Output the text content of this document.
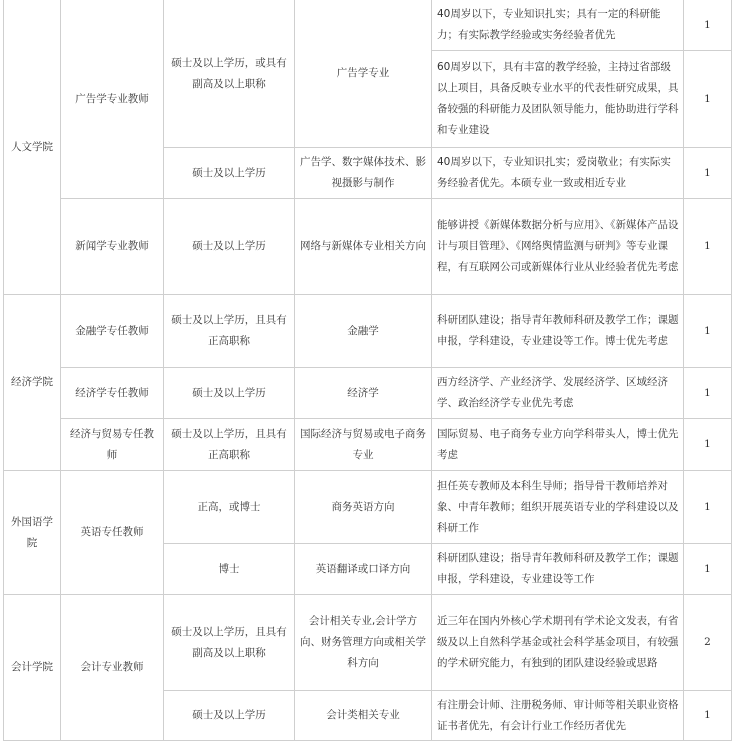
人文学院	广告学专业教师	硕士及以上学历，或具有副高及以上职称	广告学专业	40周岁以下，专业知识扎实；具有一定的科研能力；有实际教学经验或实务经验者优先	1
				60周岁以下，具有丰富的教学经验，主持过省部级以上项目，具备反映专业水平的代表性研究成果，具备较强的科研能力及团队领导能力，能协助进行学科和专业建设	1
		硕士及以上学历	广告学、数字媒体技术、影视摄影与制作	40周岁以下，专业知识扎实；爱岗敬业；有实际实务经验者优先。本硕专业一致或相近专业	1
	新闻学专业教师	硕士及以上学历	网络与新媒体专业相关方向	能够讲授《新媒体数据分析与应用》、《新媒体产品设计与项目管理》、《网络舆情监测与研判》等专业课程，有互联网公司或新媒体行业从业经验者优先考虑	1
经济学院	金融学专任教师	硕士及以上学历，且具有正高职称	金融学	科研团队建设；指导青年教师科研及教学工作；课题申报，学科建设，专业建设等工作。博士优先考虑	1
	经济学专任教师	硕士及以上学历	经济学	西方经济学、产业经济学、发展经济学、区域经济学、政治经济学专业优先考虑	1
	经济与贸易专任教师	硕士及以上学历，且具有正高职称	国际经济与贸易或电子商务专业	国际贸易、电子商务专业方向学科带头人，博士优先考虑	1
外国语学院	英语专任教师	正高，或博士	商务英语方向	担任英专教师及本科生导师；指导骨干教师培养对象、中青年教师；组织开展英语专业的学科建设以及科研工作	1
		博士	英语翻译或口译方向	科研团队建设；指导青年教师科研及教学工作；课题申报，学科建设，专业建设等工作	1
会计学院	会计专业教师	硕士及以上学历，且具有副高及以上职称	会计相关专业,会计学方向、财务管理方向或相关学科方向	近三年在国内外核心学术期刊有学术论文发表，有省级及以上自然科学基金或社会科学基金项目，有较强的学术研究能力，有独到的团队建设经验或思路	2
		硕士及以上学历	会计类相关专业	有注册会计师、注册税务师、审计师等相关职业资格证书者优先，有会计行业工作经历者优先	1
